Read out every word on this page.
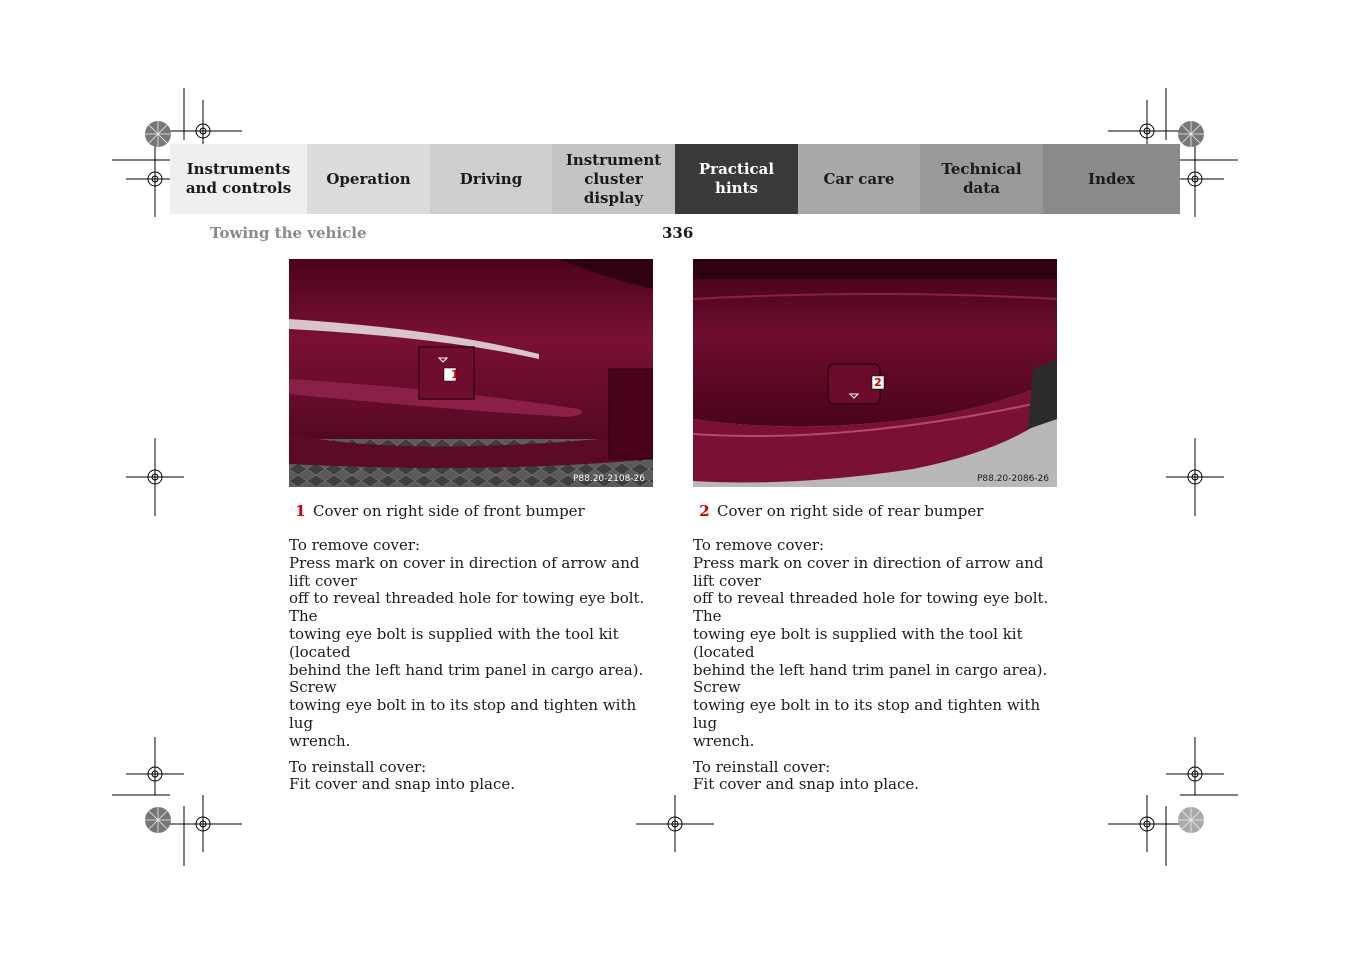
Instruments
and controls
Operation	Driving
Instrument
cluster display
Practical hints
Car care
Technical
data
Index
Towing the vehicle	336
1
P88.20-2108-26
2
P88.20-2086-26
1 Cover on right side of front bumper	2 Cover on right side of rear bumper

To remove cover:
Press mark on cover in direction of arrow and lift cover
off to reveal threaded hole for towing eye bolt. The
towing eye bolt is supplied with the tool kit (located
behind the left hand trim panel in cargo area). Screw
towing eye bolt in to its stop and tighten with lug
wrench.

To reinstall cover:
Fit cover and snap into place.

To remove cover:
Press mark on cover in direction of arrow and lift cover
off to reveal threaded hole for towing eye bolt. The
towing eye bolt is supplied with the tool kit (located
behind the left hand trim panel in cargo area). Screw
towing eye bolt in to its stop and tighten with lug
wrench.

To reinstall cover:
Fit cover and snap into place.
